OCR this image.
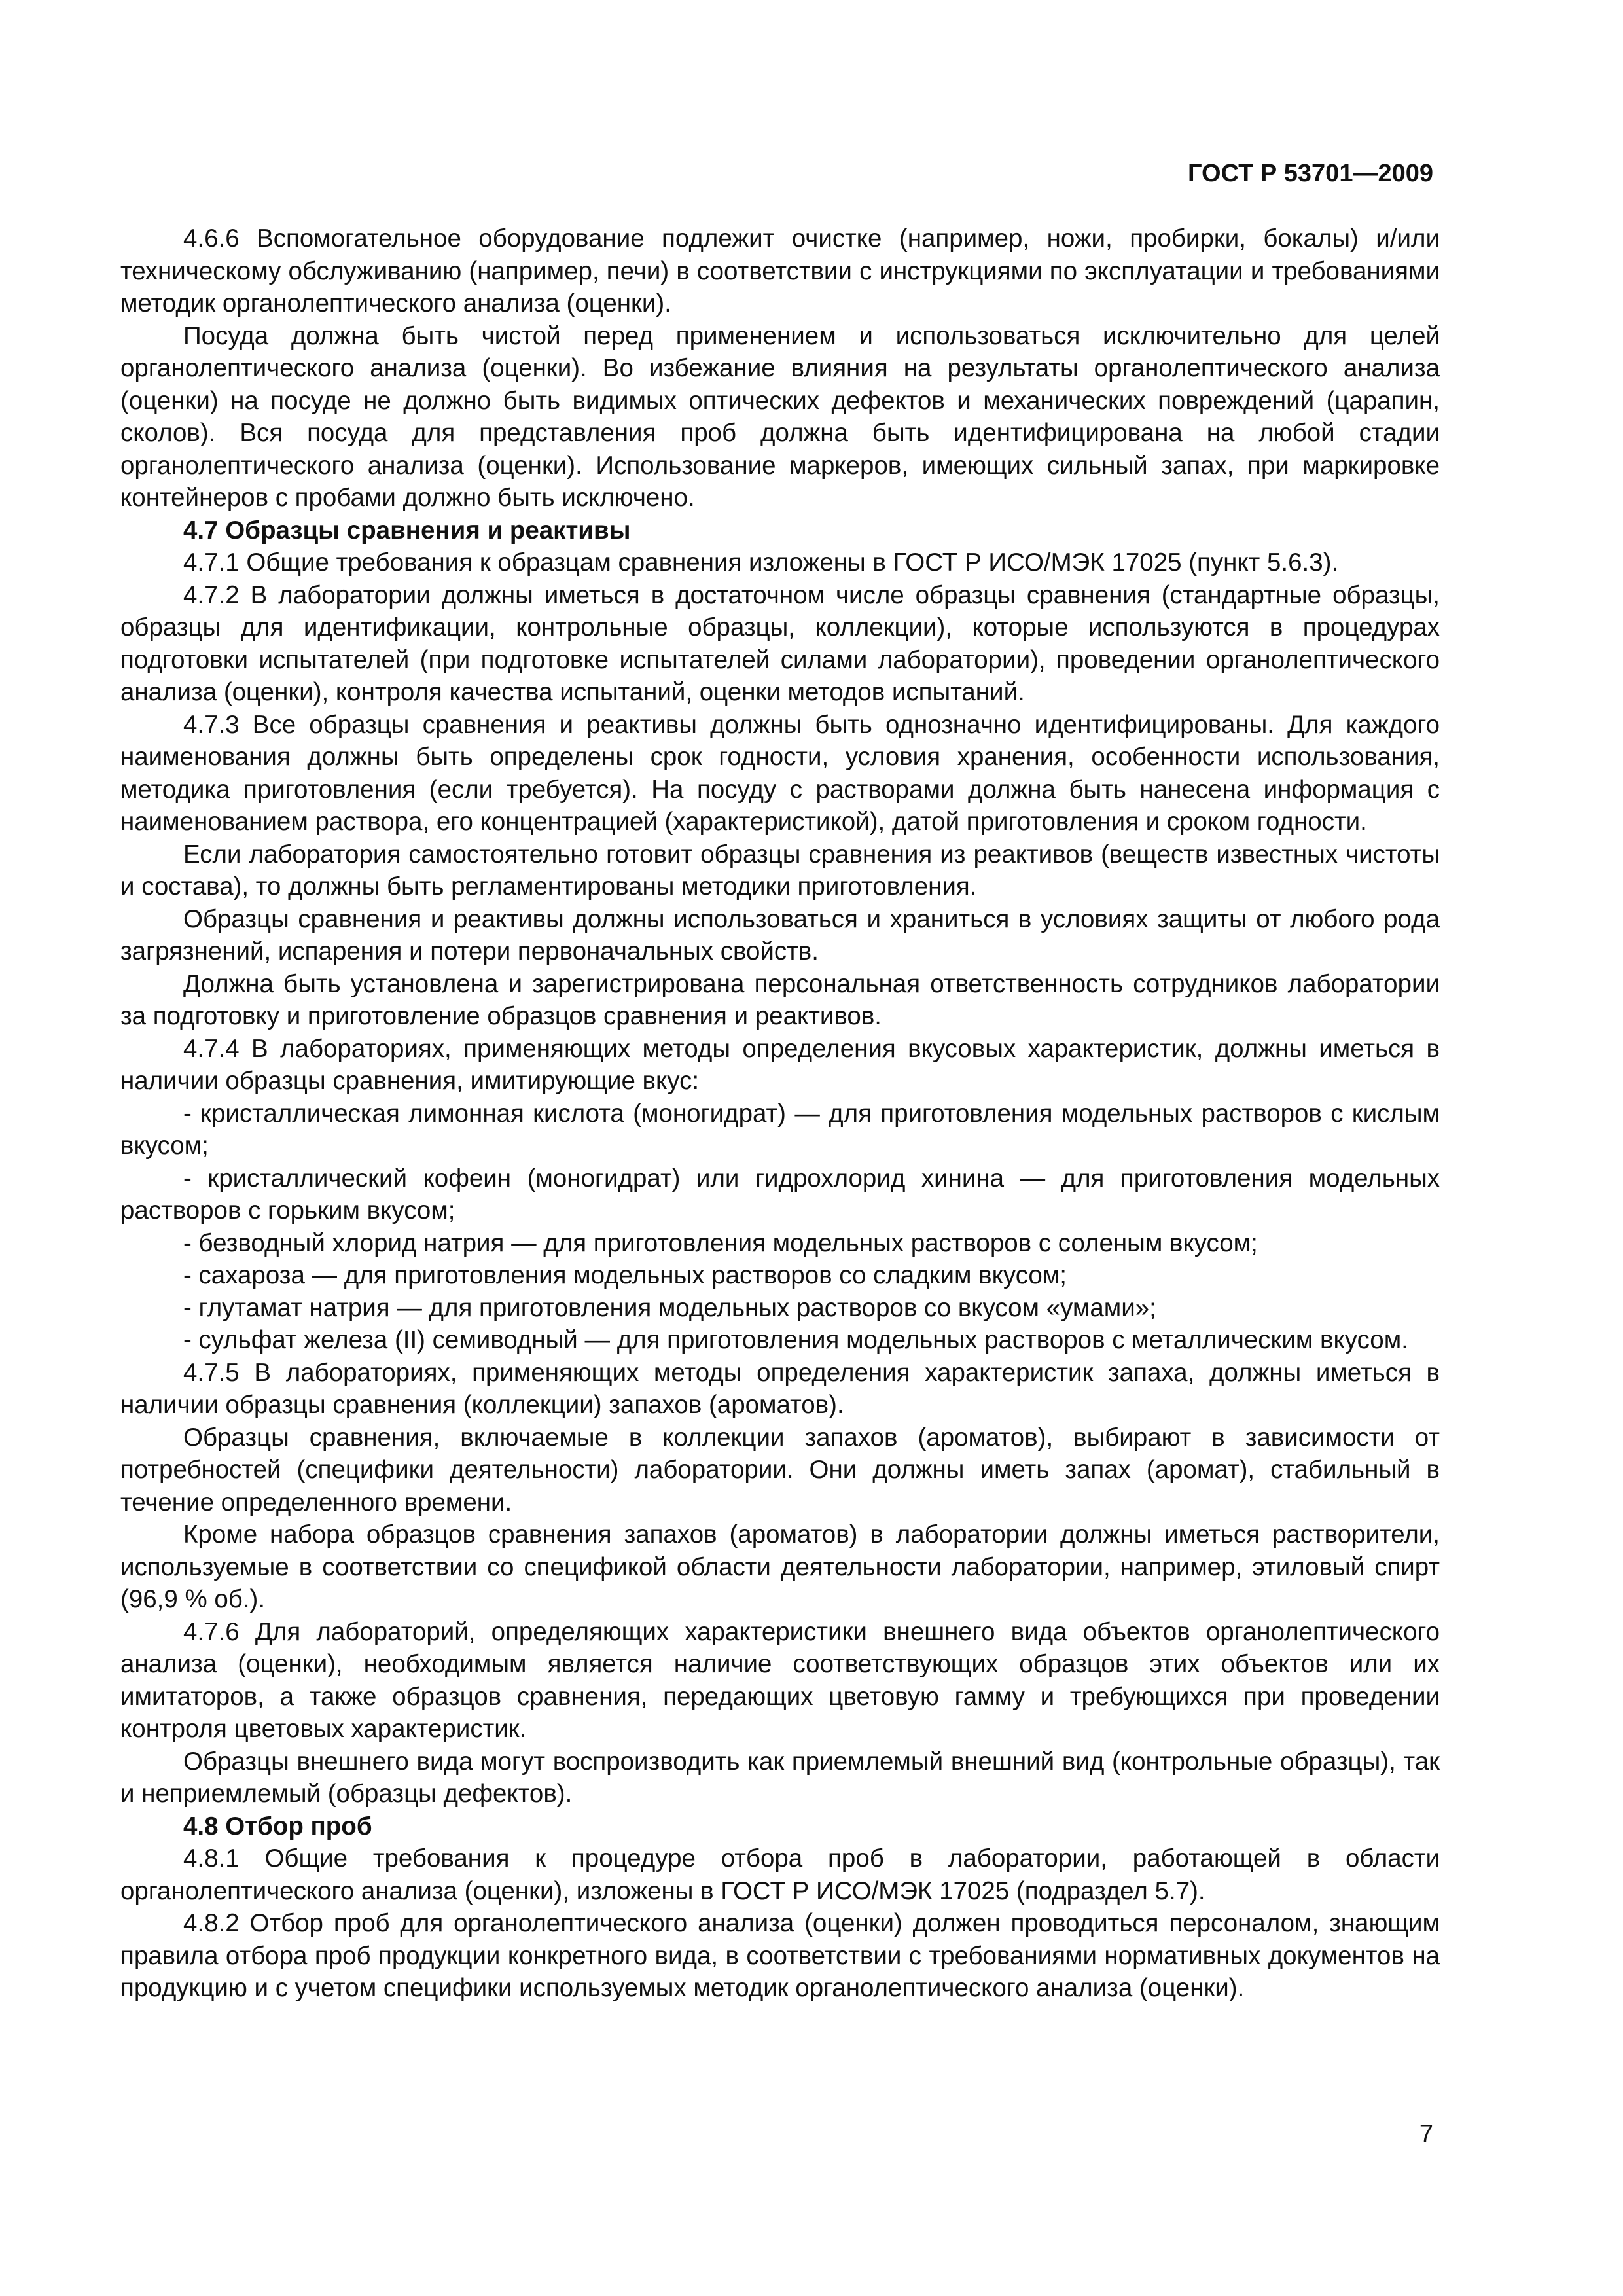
ГОСТ Р 53701—2009

4.6.6 Вспомогательное оборудование подлежит очистке (например, ножи, пробирки, бокалы) и/или техническому обслуживанию (например, печи) в соответствии с инструкциями по эксплуатации и требованиями методик органолептического анализа (оценки).

Посуда должна быть чистой перед применением и использоваться исключительно для целей органолептического анализа (оценки). Во избежание влияния на результаты органолептического анализа (оценки) на посуде не должно быть видимых оптических дефектов и механических повреждений (царапин, сколов). Вся посуда для представления проб должна быть идентифицирована на любой стадии органолептического анализа (оценки). Использование маркеров, имеющих сильный запах, при маркировке контейнеров с пробами должно быть исключено.

4.7 Образцы сравнения и реактивы

4.7.1 Общие требования к образцам сравнения изложены в ГОСТ Р ИСО/МЭК 17025 (пункт 5.6.3).

4.7.2 В лаборатории должны иметься в достаточном числе образцы сравнения (стандартные образцы, образцы для идентификации, контрольные образцы, коллекции), которые используются в процедурах подготовки испытателей (при подготовке испытателей силами лаборатории), проведении органолептического анализа (оценки), контроля качества испытаний, оценки методов испытаний.

4.7.3 Все образцы сравнения и реактивы должны быть однозначно идентифицированы. Для каждого наименования должны быть определены срок годности, условия хранения, особенности использования, методика приготовления (если требуется). На посуду с растворами должна быть нанесена информация с наименованием раствора, его концентрацией (характеристикой), датой приготовления и сроком годности.

Если лаборатория самостоятельно готовит образцы сравнения из реактивов (веществ известных чистоты и состава), то должны быть регламентированы методики приготовления.

Образцы сравнения и реактивы должны использоваться и храниться в условиях защиты от любого рода загрязнений, испарения и потери первоначальных свойств.

Должна быть установлена и зарегистрирована персональная ответственность сотрудников лаборатории за подготовку и приготовление образцов сравнения и реактивов.

4.7.4 В лабораториях, применяющих методы определения вкусовых характеристик, должны иметься в наличии образцы сравнения, имитирующие вкус:

- кристаллическая лимонная кислота (моногидрат) — для приготовления модельных растворов с кислым вкусом;

- кристаллический кофеин (моногидрат) или гидрохлорид хинина — для приготовления модельных растворов с горьким вкусом;

- безводный хлорид натрия — для приготовления модельных растворов с соленым вкусом;

- сахароза — для приготовления модельных растворов со сладким вкусом;

- глутамат натрия — для приготовления модельных растворов со вкусом «умами»;

- сульфат железа (II) семиводный — для приготовления модельных растворов с металлическим вкусом.

4.7.5 В лабораториях, применяющих методы определения характеристик запаха, должны иметься в наличии образцы сравнения (коллекции) запахов (ароматов).

Образцы сравнения, включаемые в коллекции запахов (ароматов), выбирают в зависимости от потребностей (специфики деятельности) лаборатории. Они должны иметь запах (аромат), стабильный в течение определенного времени.

Кроме набора образцов сравнения запахов (ароматов) в лаборатории должны иметься растворители, используемые в соответствии со спецификой области деятельности лаборатории, например, этиловый спирт (96,9 % об.).

4.7.6 Для лабораторий, определяющих характеристики внешнего вида объектов органолептического анализа (оценки), необходимым является наличие соответствующих образцов этих объектов или их имитаторов, а также образцов сравнения, передающих цветовую гамму и требующихся при проведении контроля цветовых характеристик.

Образцы внешнего вида могут воспроизводить как приемлемый внешний вид (контрольные образцы), так и неприемлемый (образцы дефектов).

4.8 Отбор проб

4.8.1 Общие требования к процедуре отбора проб в лаборатории, работающей в области органолептического анализа (оценки), изложены в ГОСТ Р ИСО/МЭК 17025 (подраздел 5.7).

4.8.2 Отбор проб для органолептического анализа (оценки) должен проводиться персоналом, знающим правила отбора проб продукции конкретного вида, в соответствии с требованиями нормативных документов на продукцию и с учетом специфики используемых методик органолептического анализа (оценки).

7
